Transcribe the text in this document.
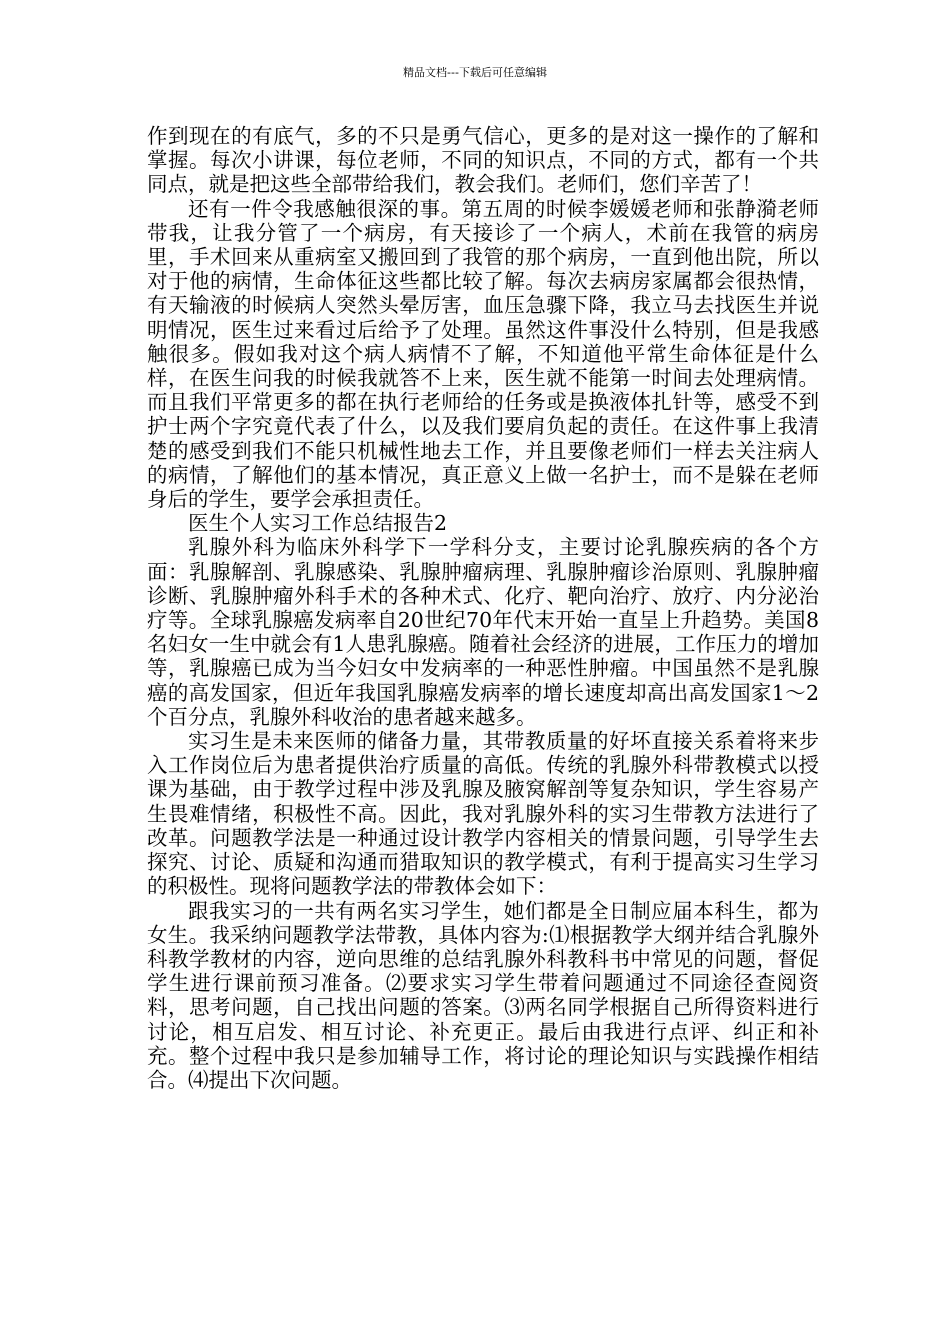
精品文档---下载后可任意编辑

作到现在的有底气，多的不只是勇气信心，更多的是对这一操作的了解和掌握。每次小讲课，每位老师，不同的知识点，不同的方式，都有一个共同点，就是把这些全部带给我们，教会我们。老师们，您们辛苦了！

还有一件令我感触很深的事。第五周的时候李媛媛老师和张静漪老师带我，让我分管了一个病房，有天接诊了一个病人，术前在我管的病房里，手术回来从重病室又搬回到了我管的那个病房，一直到他出院，所以对于他的病情，生命体征这些都比较了解。每次去病房家属都会很热情，有天输液的时候病人突然头晕厉害，血压急骤下降，我立马去找医生并说明情况，医生过来看过后给予了处理。虽然这件事没什么特别，但是我感触很多。假如我对这个病人病情不了解，不知道他平常生命体征是什么样，在医生问我的时候我就答不上来，医生就不能第一时间去处理病情。而且我们平常更多的都在执行老师给的任务或是换液体扎针等，感受不到护士两个字究竟代表了什么，以及我们要肩负起的责任。在这件事上我清楚的感受到我们不能只机械性地去工作，并且要像老师们一样去关注病人的病情，了解他们的基本情况，真正意义上做一名护士，而不是躲在老师身后的学生，要学会承担责任。

医生个人实习工作总结报告2

乳腺外科为临床外科学下一学科分支，主要讨论乳腺疾病的各个方面：乳腺解剖、乳腺感染、乳腺肿瘤病理、乳腺肿瘤诊治原则、乳腺肿瘤诊断、乳腺肿瘤外科手术的各种术式、化疗、靶向治疗、放疗、内分泌治疗等。全球乳腺癌发病率自20世纪70年代末开始一直呈上升趋势。美国8名妇女一生中就会有1人患乳腺癌。随着社会经济的进展，工作压力的增加等，乳腺癌已成为当今妇女中发病率的一种恶性肿瘤。中国虽然不是乳腺癌的高发国家，但近年我国乳腺癌发病率的增长速度却高出高发国家1～2个百分点，乳腺外科收治的患者越来越多。

实习生是未来医师的储备力量，其带教质量的好坏直接关系着将来步入工作岗位后为患者提供治疗质量的高低。传统的乳腺外科带教模式以授课为基础，由于教学过程中涉及乳腺及腋窝解剖等复杂知识，学生容易产生畏难情绪，积极性不高。因此，我对乳腺外科的实习生带教方法进行了改革。问题教学法是一种通过设计教学内容相关的情景问题，引导学生去探究、讨论、质疑和沟通而猎取知识的教学模式，有利于提高实习生学习的积极性。现将问题教学法的带教体会如下：

跟我实习的一共有两名实习学生，她们都是全日制应届本科生，都为女生。我采纳问题教学法带教，具体内容为:⑴根据教学大纲并结合乳腺外科教学教材的内容，逆向思维的总结乳腺外科教科书中常见的问题，督促学生进行课前预习准备。⑵要求实习学生带着问题通过不同途径查阅资料，思考问题，自己找出问题的答案。⑶两名同学根据自己所得资料进行讨论，相互启发、相互讨论、补充更正。最后由我进行点评、纠正和补充。整个过程中我只是参加辅导工作，将讨论的理论知识与实践操作相结合。⑷提出下次问题。
